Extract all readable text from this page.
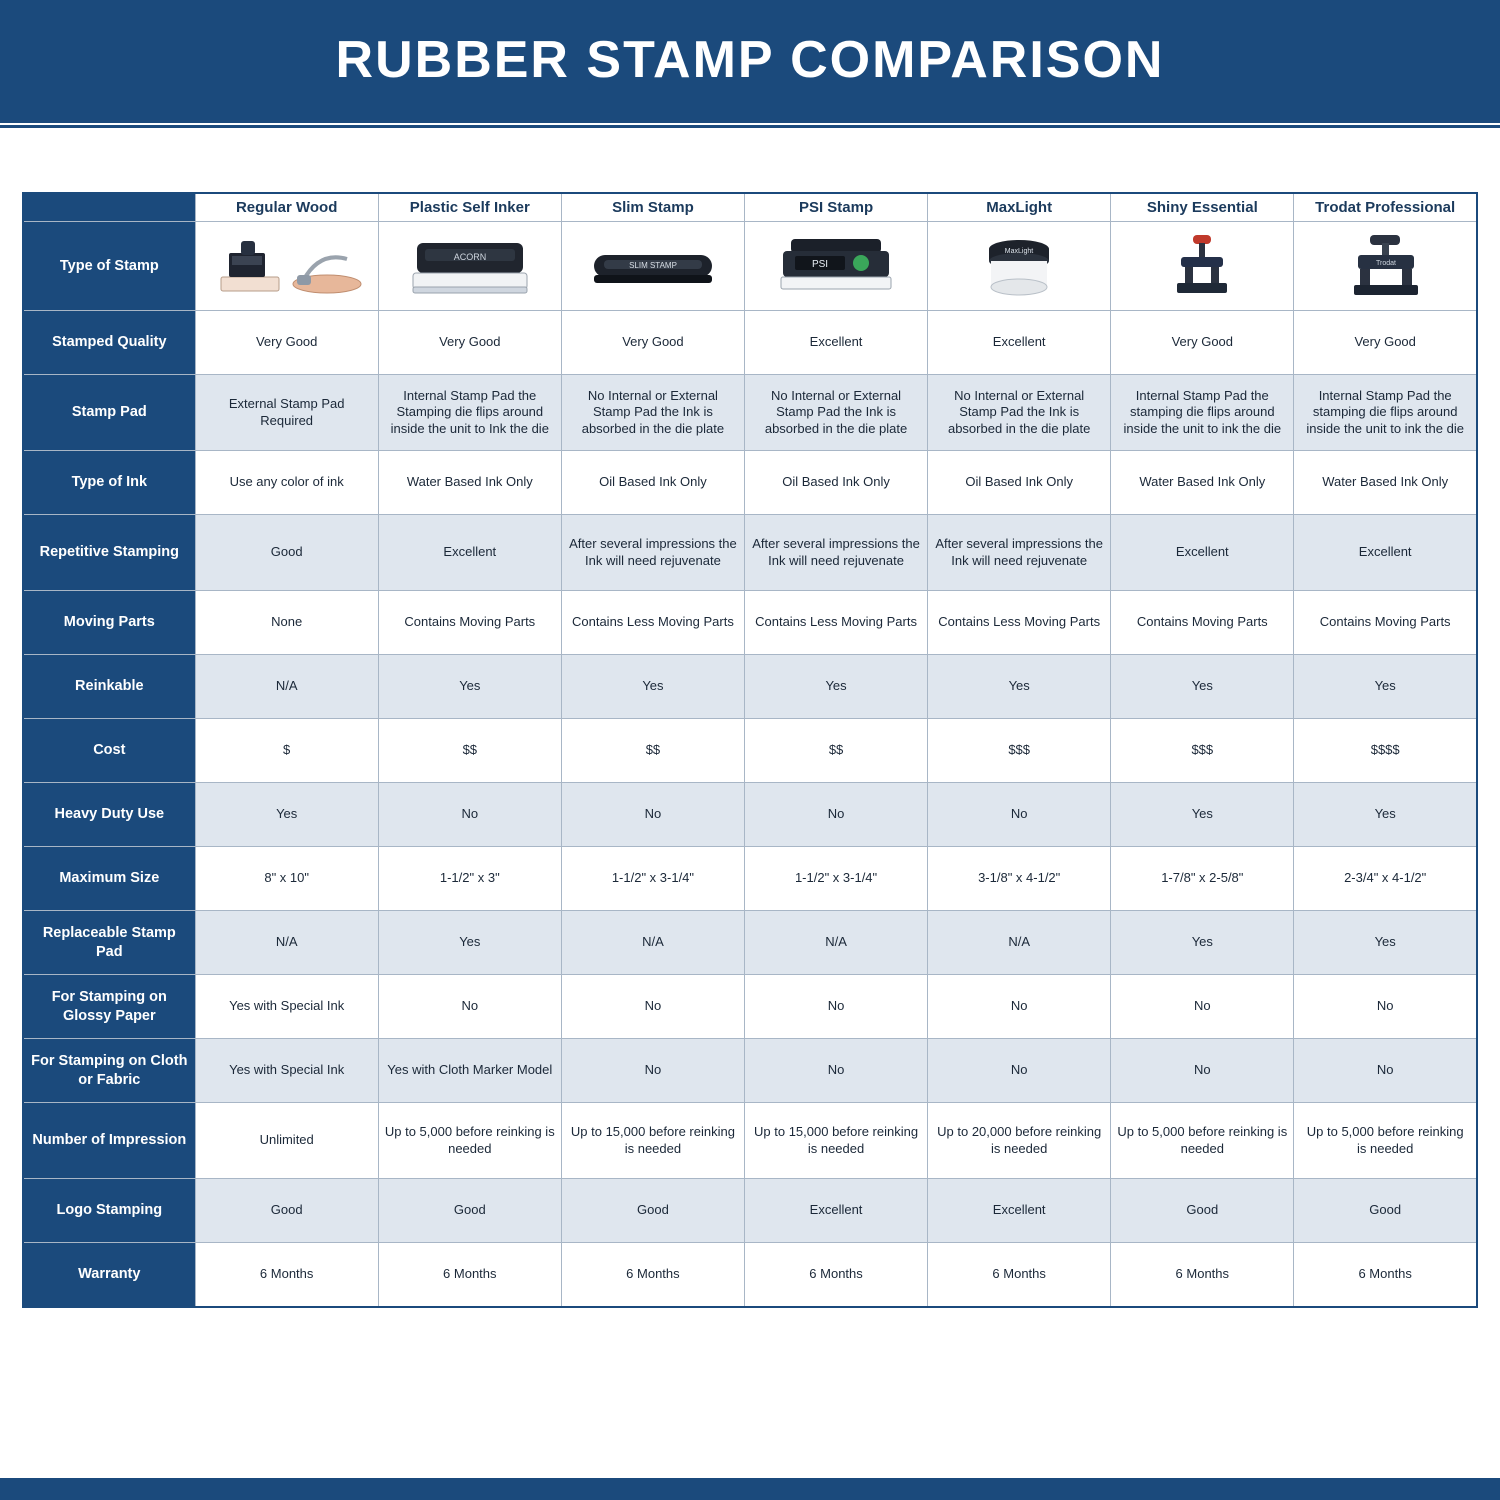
RUBBER STAMP COMPARISON
	Regular Wood	Plastic Self Inker	Slim Stamp	PSI Stamp	MaxLight	Shiny Essential	Trodat Professional
Type of Stamp		ACORN	SLIM STAMP	PSI	MaxLight		Trodat

Stamped Quality	Very Good	Very Good	Very Good	Excellent	Excellent	Very Good	Very Good
Stamp Pad	External Stamp Pad Required	Internal Stamp Pad the Stamping die flips around inside the unit to Ink the die	No Internal or External Stamp Pad the Ink is absorbed in the die plate	No Internal or External Stamp Pad the Ink is absorbed in the die plate	No Internal or External Stamp Pad the Ink is absorbed in the die plate	Internal Stamp Pad the stamping die flips around inside the unit to ink the die	Internal Stamp Pad the stamping die flips around inside the unit to ink the die
Type of Ink	Use any color of ink	Water Based Ink Only	Oil Based Ink Only	Oil Based Ink Only	Oil Based Ink Only	Water Based Ink Only	Water Based Ink Only
Repetitive Stamping	Good	Excellent	After several impressions the Ink will need rejuvenate	After several impressions the Ink will need rejuvenate	After several impressions the Ink will need rejuvenate	Excellent	Excellent
Moving Parts	None	Contains Moving Parts	Contains Less Moving Parts	Contains Less Moving Parts	Contains Less Moving Parts	Contains Moving Parts	Contains Moving Parts
Reinkable	N/A	Yes	Yes	Yes	Yes	Yes	Yes
Cost	$	$$	$$	$$	$$$	$$$	$$$$
Heavy Duty Use	Yes	No	No	No	No	Yes	Yes
Maximum Size	8" x 10"	1-1/2" x 3"	1-1/2" x 3-1/4"	1-1/2" x 3-1/4"	3-1/8" x 4-1/2"	1-7/8" x 2-5/8"	2-3/4" x 4-1/2"
Replaceable Stamp Pad	N/A	Yes	N/A	N/A	N/A	Yes	Yes
For Stamping on Glossy Paper	Yes with Special Ink	No	No	No	No	No	No
For Stamping on Cloth or Fabric	Yes with Special Ink	Yes with Cloth Marker Model	No	No	No	No	No
Number of Impression	Unlimited	Up to 5,000 before reinking is needed	Up to 15,000 before reinking is needed	Up to 15,000 before reinking is needed	Up to 20,000 before reinking is needed	Up to 5,000 before reinking is needed	Up to 5,000 before reinking is needed
Logo Stamping	Good	Good	Good	Excellent	Excellent	Good	Good
Warranty	6 Months	6 Months	6 Months	6 Months	6 Months	6 Months	6 Months
